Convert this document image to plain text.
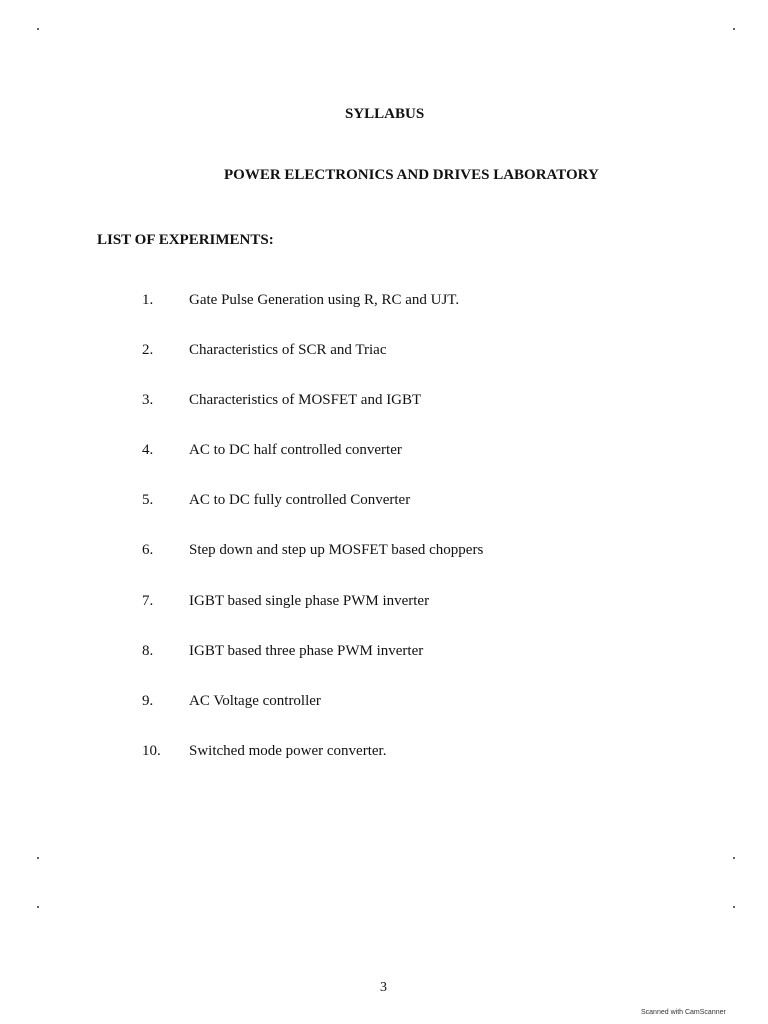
SYLLABUS
POWER ELECTRONICS AND DRIVES LABORATORY
LIST OF EXPERIMENTS:
1. Gate Pulse Generation using R, RC and UJT.
2. Characteristics of SCR and Triac
3. Characteristics of MOSFET and IGBT
4. AC to DC half controlled converter
5. AC to DC fully controlled Converter
6. Step down and step up MOSFET based choppers
7. IGBT based single phase PWM inverter
8. IGBT based three phase PWM inverter
9. AC Voltage controller
10. Switched mode power converter.
3
Scanned with CamScanner
